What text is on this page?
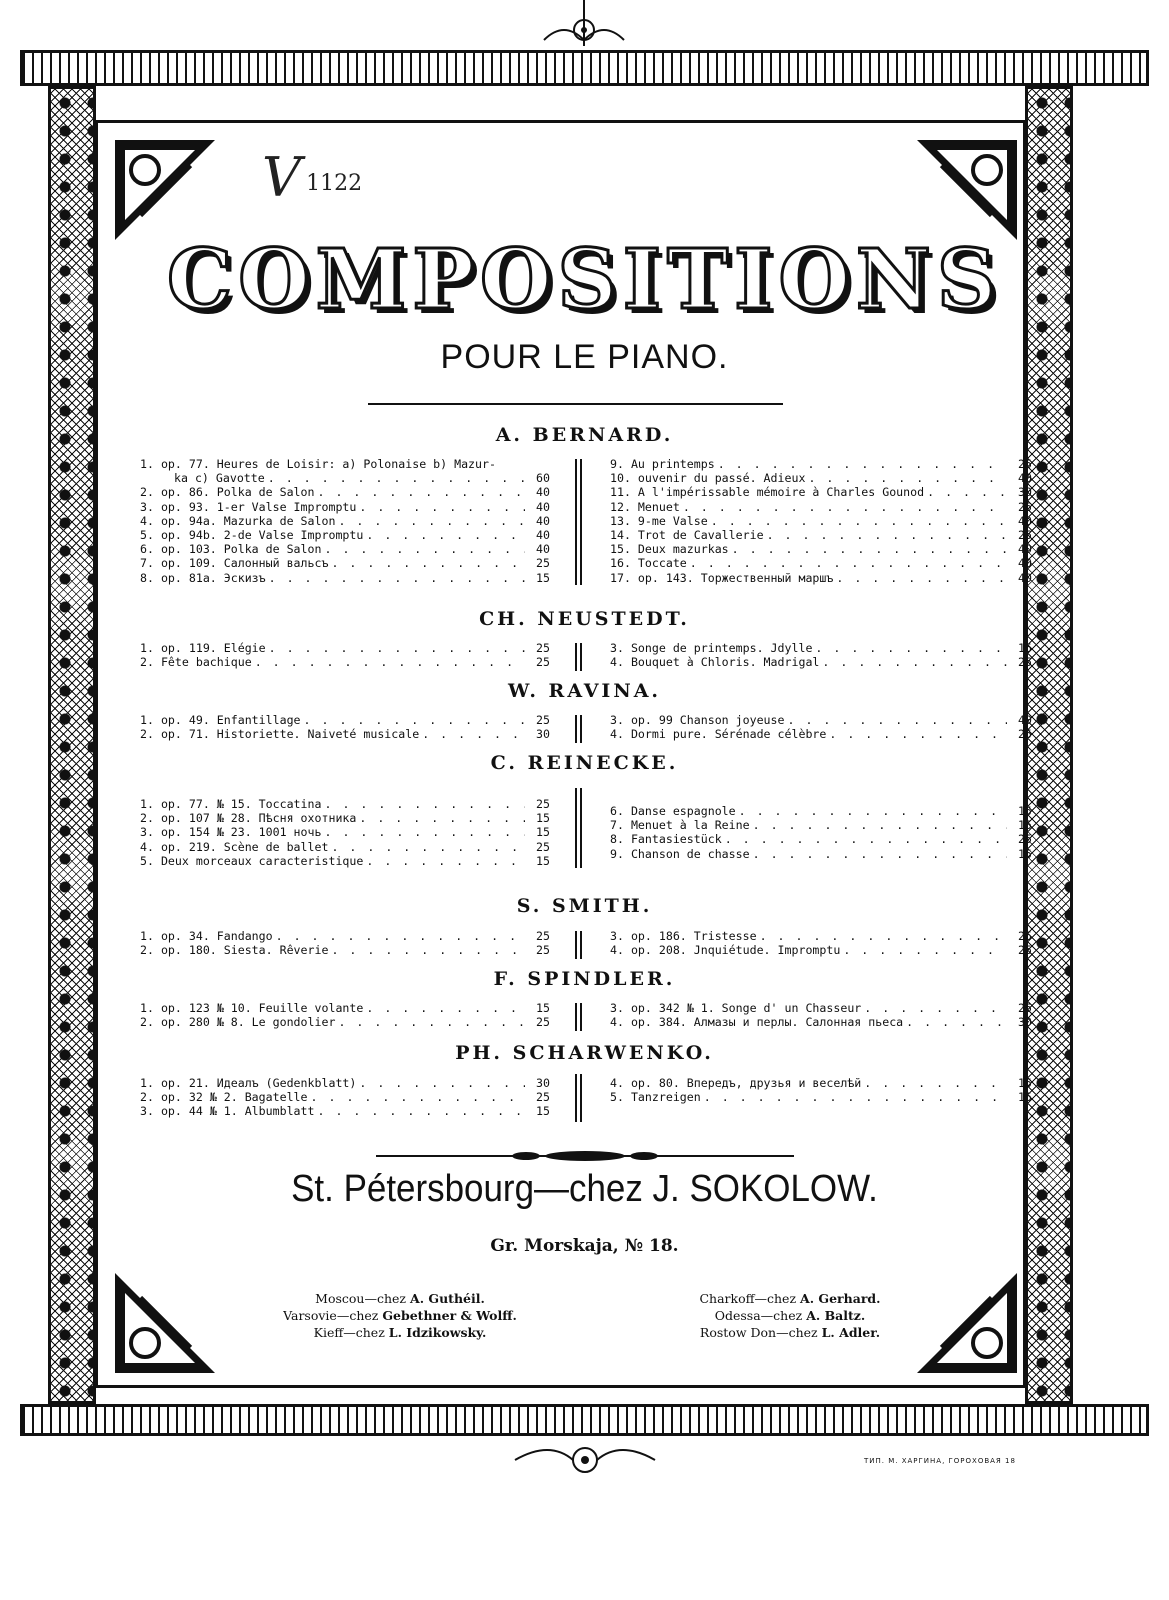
V 1122
COMPOSITIONS
POUR LE PIANO.
A. BERNARD.
1. op. 77. Heures de Loisir: a) Polonaise b) Mazur-
ka c) Gavotte . . .	60
2. op. 86. Polka de Salon . . .	40
3. op. 93. 1-er Valse Impromptu . . .	40
4. op. 94a. Mazurka de Salon . . .	40
5. op. 94b. 2-de Valse Impromptu . . .	40
6. op. 103. Polka de Salon . . .	40
7. op. 109. Салонный вальсъ . . .	25
8. op. 81a. Эскизъ . . .	15
9. Au printemps . . .	25
10. ouvenir du passé. Adieux . . .	40
11. A l'impérissable mémoire à Charles Gounod . . .	30
12. Menuet . . .	25
13. 9-me Valse . . .	40
14. Trot de Cavallerie . . .	25
15. Deux mazurkas . . .	40
16. Toccate . . .	40
17. op. 143. Торжественный маршъ . . .	40
CH. NEUSTEDT.
1. op. 119. Elégie . . .	25
2. Fête bachique . . .	25
3. Songe de printemps. Jdylle . . .	15
4. Bouquet à Chloris. Madrigal . . .	25
W. RAVINA.
1. op. 49. Enfantillage . . .	25
2. op. 71. Historiette. Naiveté musicale . . .	30
3. op. 99 Chanson joyeuse . . .	40
4. Dormi pure. Sérénade célèbre . . .	25
C. REINECKE.
1. op. 77. № 15. Toccatina . . .	25
2. op. 107 № 28. Пѣсня охотника . . .	15
3. op. 154 № 23. 1001 ночь . . .	15
4. op. 219. Scène de ballet . . .	25
5. Deux morceaux caracteristique . . .	15
6. Danse espagnole . . .	15
7. Menuet à la Reine . . .	15
8. Fantasiestück . . .	25
9. Chanson de chasse . . .	15
S. SMITH.
1. op. 34. Fandango . . .	25
2. op. 180. Siesta. Rêverie . . .	25
3. op. 186. Tristesse . . .	25
4. op. 208. Jnquiétude. Impromptu . . .	25
F. SPINDLER.
1. op. 123 № 10. Feuille volante . . .	15
2. op. 280 № 8. Le gondolier . . .	25
3. op. 342 № 1. Songe d' un Chasseur . . .	25
4. op. 384. Алмазы и перлы. Салонная пьеса . . .	30
PH. SCHARWENKO.
1. op. 21. Идеалъ (Gedenkblatt) . . .	30
2. op. 32 № 2. Bagatelle . . .	25
3. op. 44 № 1. Albumblatt . . .	15
4. op. 80. Впередъ, друзья и веселѣй . . .	15
5. Tanzreigen . . .	15
St. Pétersbourg—chez J. SOKOLOW.
Gr. Morskaja, № 18.
Moscou—chez A. Guthéil.
Varsovie—chez Gebethner & Wolff.
Kieff—chez L. Idzikowsky.
Charkoff—chez A. Gerhard.
Odessa—chez A. Baltz.
Rostow Don—chez L. Adler.
ТИП. М. ХАРГИНА, ГОРОХОВАЯ 18
